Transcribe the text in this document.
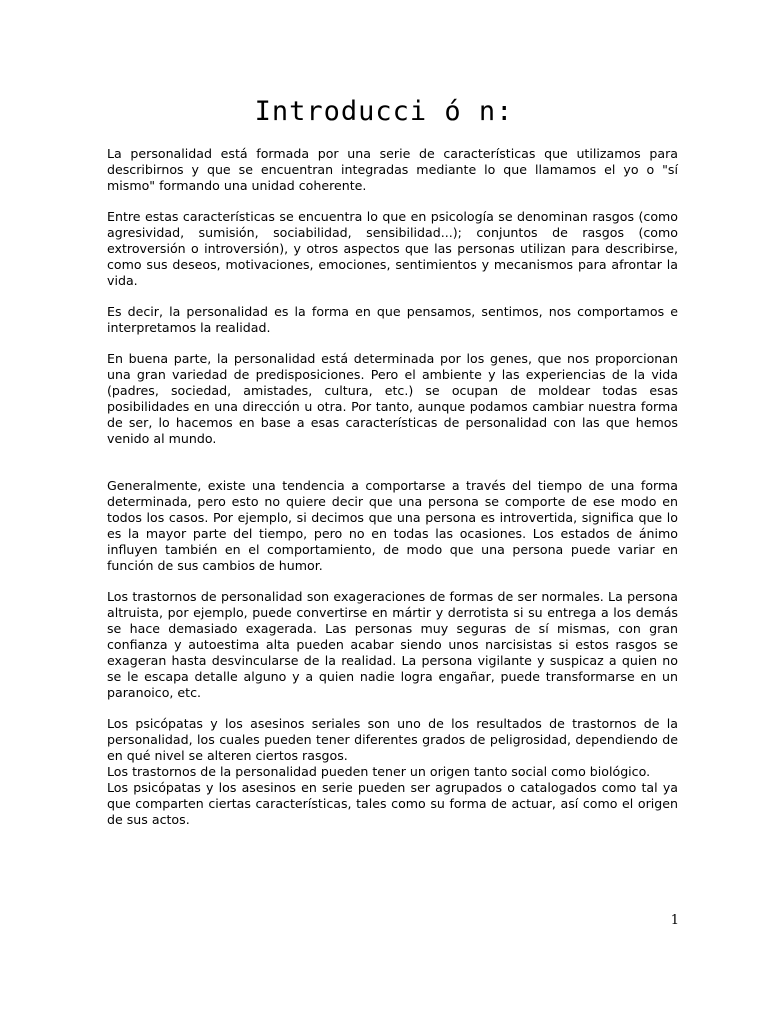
Introducci ó n:

La personalidad está formada por una serie de características que utilizamos para describirnos y que se encuentran integradas mediante lo que llamamos el yo o "sí mismo" formando una unidad coherente.

Entre estas características se encuentra lo que en psicología se denominan rasgos (como agresividad, sumisión, sociabilidad, sensibilidad...); conjuntos de rasgos (como extroversión o introversión), y otros aspectos que las personas utilizan para describirse, como sus deseos, motivaciones, emociones, sentimientos y mecanismos para afrontar la vida.

Es decir, la personalidad es la forma en que pensamos, sentimos, nos comportamos e interpretamos la realidad.

En buena parte, la personalidad está determinada por los genes, que nos proporcionan una gran variedad de predisposiciones. Pero el ambiente y las experiencias de la vida (padres, sociedad, amistades, cultura, etc.) se ocupan de moldear todas esas posibilidades en una dirección u otra. Por tanto, aunque podamos cambiar nuestra forma de ser, lo hacemos en base a esas características de personalidad con las que hemos venido al mundo.

Generalmente, existe una tendencia a comportarse a través del tiempo de una forma determinada, pero esto no quiere decir que una persona se comporte de ese modo en todos los casos. Por ejemplo, si decimos que una persona es introvertida, significa que lo es la mayor parte del tiempo, pero no en todas las ocasiones. Los estados de ánimo influyen también en el comportamiento, de modo que una persona puede variar en función de sus cambios de humor.

Los trastornos de personalidad son exageraciones de formas de ser normales. La persona altruista, por ejemplo, puede convertirse en mártir y derrotista si su entrega a los demás se hace demasiado exagerada. Las personas muy seguras de sí mismas, con gran confianza y autoestima alta pueden acabar siendo unos narcisistas si estos rasgos se exageran hasta desvincularse de la realidad. La persona vigilante y suspicaz a quien no se le escapa detalle alguno y a quien nadie logra engañar, puede transformarse en un paranoico, etc.

Los psicópatas y los asesinos seriales son uno de los resultados de trastornos de la personalidad, los cuales pueden tener diferentes grados de peligrosidad, dependiendo de en qué nivel se alteren ciertos rasgos.

Los trastornos de la personalidad pueden tener un origen tanto social como biológico.

Los psicópatas y los asesinos en serie pueden ser agrupados o catalogados como tal ya que comparten ciertas características, tales como su forma de actuar, así como el origen de sus actos.

1
